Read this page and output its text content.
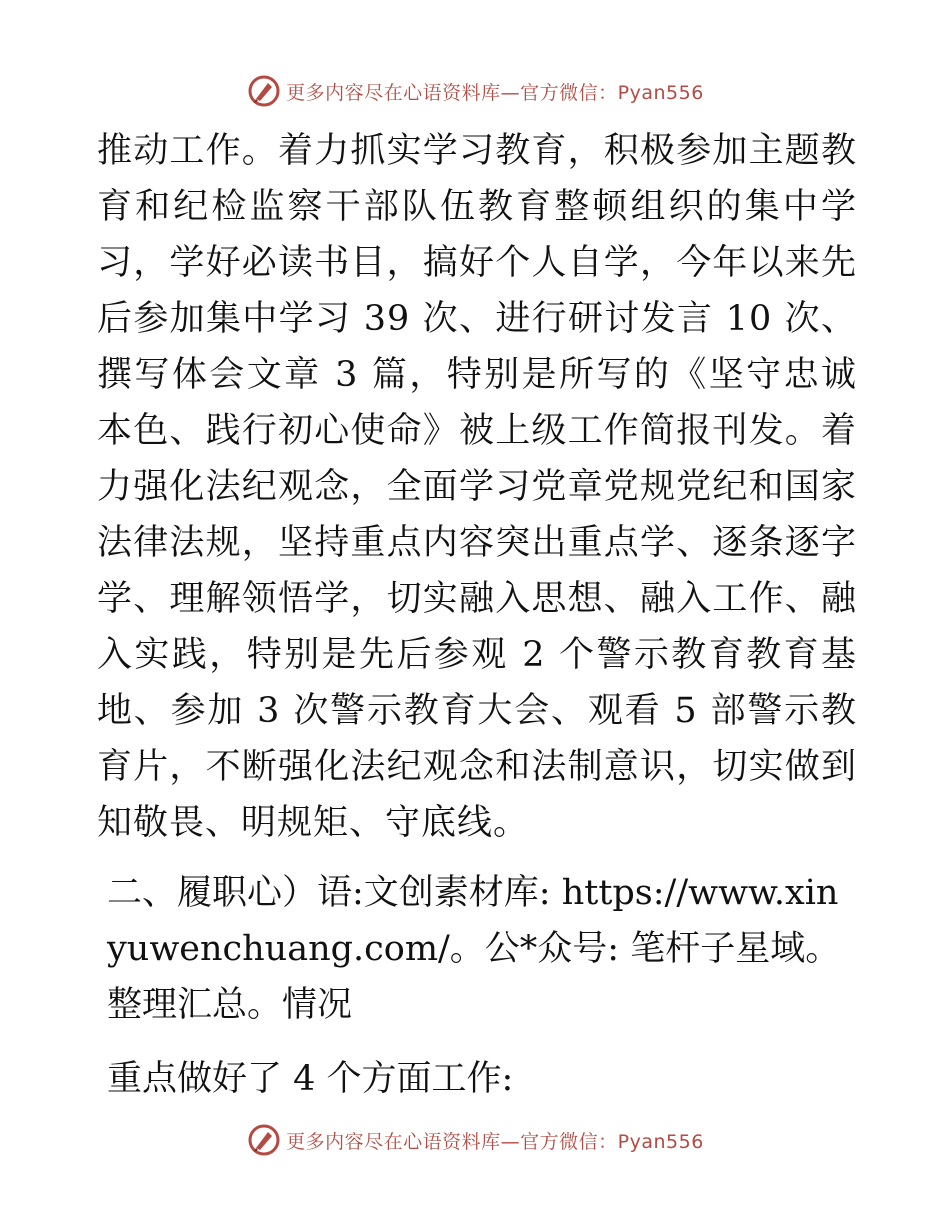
更多内容尽在心语资料库—官方微信：Pyan556

推动工作。着力抓实学习教育，积极参加主题教育和纪检监察干部队伍教育整顿组织的集中学习，学好必读书目，搞好个人自学，今年以来先后参加集中学习 39 次、进行研讨发言 10 次、撰写体会文章 3 篇，特别是所写的《坚守忠诚本色、践行初心使命》被上级工作简报刊发。着力强化法纪观念，全面学习党章党规党纪和国家法律法规，坚持重点内容突出重点学、逐条逐字学、理解领悟学，切实融入思想、融入工作、融入实践，特别是先后参观 2 个警示教育教育基地、参加 3 次警示教育大会、观看 5 部警示教育片，不断强化法纪观念和法制意识，切实做到知敬畏、明规矩、守底线。

二、履职心）语:文创素材库: https://www.xinyuwenchuang.com/。公*众号: 笔杆子星域。整理汇总。情况

重点做好了 4 个方面工作:

更多内容尽在心语资料库—官方微信：Pyan556
